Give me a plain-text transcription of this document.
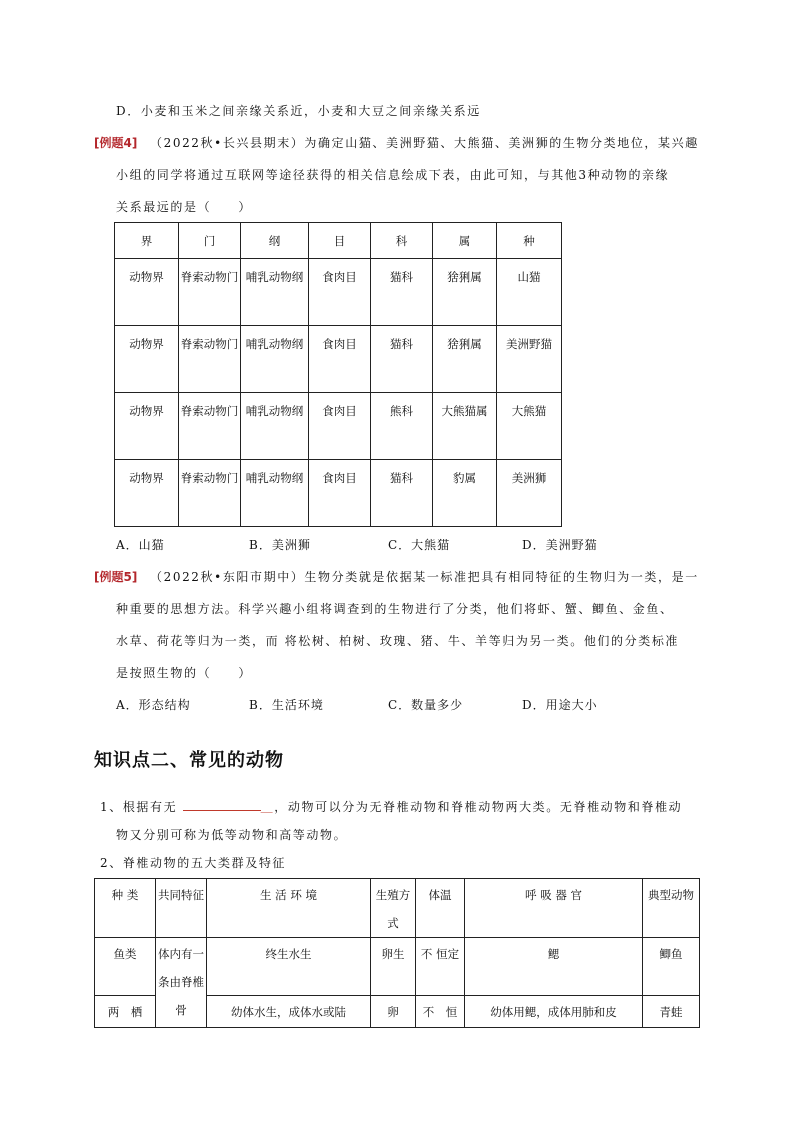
D．小麦和玉米之间亲缘关系近，小麦和大豆之间亲缘关系远
[例题4] （2022秋•长兴县期末）为确定山猫、美洲野猫、大熊猫、美洲狮的生物分类地位，某兴趣
小组的同学将通过互联网等途径获得的相关信息绘成下表，由此可知，与其他3种动物的亲缘
关系最远的是（　　）
界	门	纲	目	科	属	种
动物界	脊索动物门	哺乳动物纲	食肉目	猫科	猞猁属	山猫
动物界	脊索动物门	哺乳动物纲	食肉目	猫科	猞猁属	美洲野猫
动物界	脊索动物门	哺乳动物纲	食肉目	熊科	大熊猫属	大熊猫
动物界	脊索动物门	哺乳动物纲	食肉目	猫科	豹属	美洲狮
A．山猫	B．美洲狮	C．大熊猫	D．美洲野猫
[例题5] （2022秋•东阳市期中）生物分类就是依据某一标准把具有相同特征的生物归为一类，是一
种重要的思想方法。科学兴趣小组将调查到的生物进行了分类，他们将虾、蟹、鲫鱼、金鱼、
水草、荷花等归为一类，而 将松树、柏树、玫瑰、猪、牛、羊等归为另一类。他们的分类标准
是按照生物的（　　）
A．形态结构	B．生活环境	C．数量多少	D．用途大小
知识点二、常见的动物
1、根据有无	＿，动物可以分为无脊椎动物和脊椎动物两大类。无脊椎动物和脊椎动
物又分别可称为低等动物和高等动物。
2、脊椎动物的五大类群及特征
种 类	共同特征	生 活 环 境	生殖方式	体温	呼 吸 器 官	典型动物
鱼类	体内有一条由脊椎骨	终生水生	卵生	不 恒定	鳃	鲫鱼
两　栖		幼体水生，成体水或陆	卵	不　恒	幼体用鳃，成体用肺和皮	青蛙
